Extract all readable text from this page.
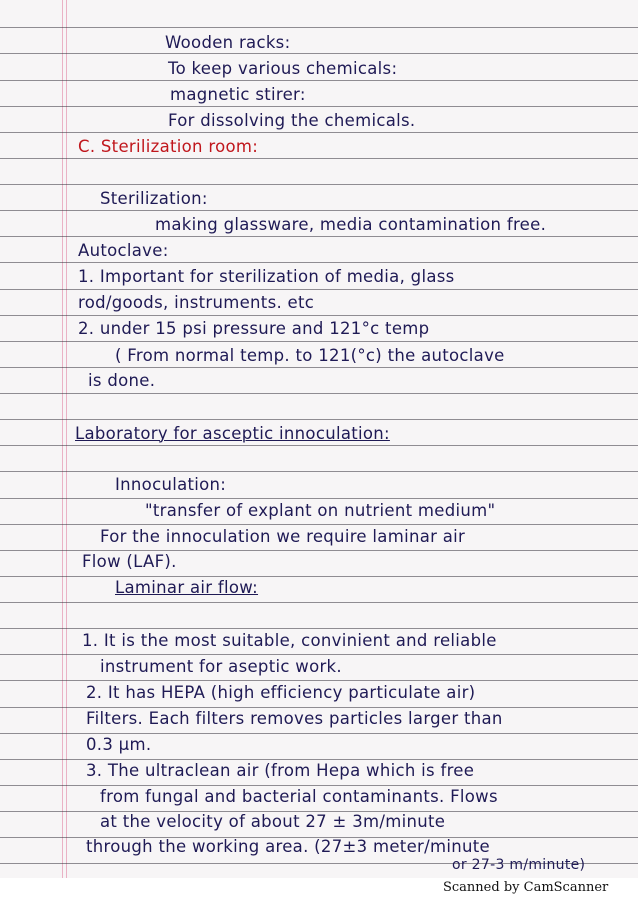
Wooden racks:
To keep various chemicals:
magnetic stirer:
For dissolving the chemicals.
C. Sterilization room:
Sterilization:
making glassware, media contamination free.
Autoclave:
1. Important for sterilization of media, glass
rod/goods, instruments. etc
2. under 15 psi pressure and 121°c temp
( From normal temp. to 121(°c) the autoclave
is done.
Laboratory for asceptic innoculation:
Innoculation:
"transfer of explant on nutrient medium"
For the innoculation we require laminar air
Flow (LAF).
Laminar air flow:
1. It is the most suitable, convinient and reliable
instrument for aseptic work.
2. It has HEPA (high efficiency particulate air)
Filters. Each filters removes particles larger than
0.3 µm.
3. The ultraclean air (from Hepa which is free
from fungal and bacterial contaminants. Flows
at the velocity of about 27 ± 3m/minute
through the working area. (27±3 meter/minute
or 27-3 m/minute)
Scanned by CamScanner
